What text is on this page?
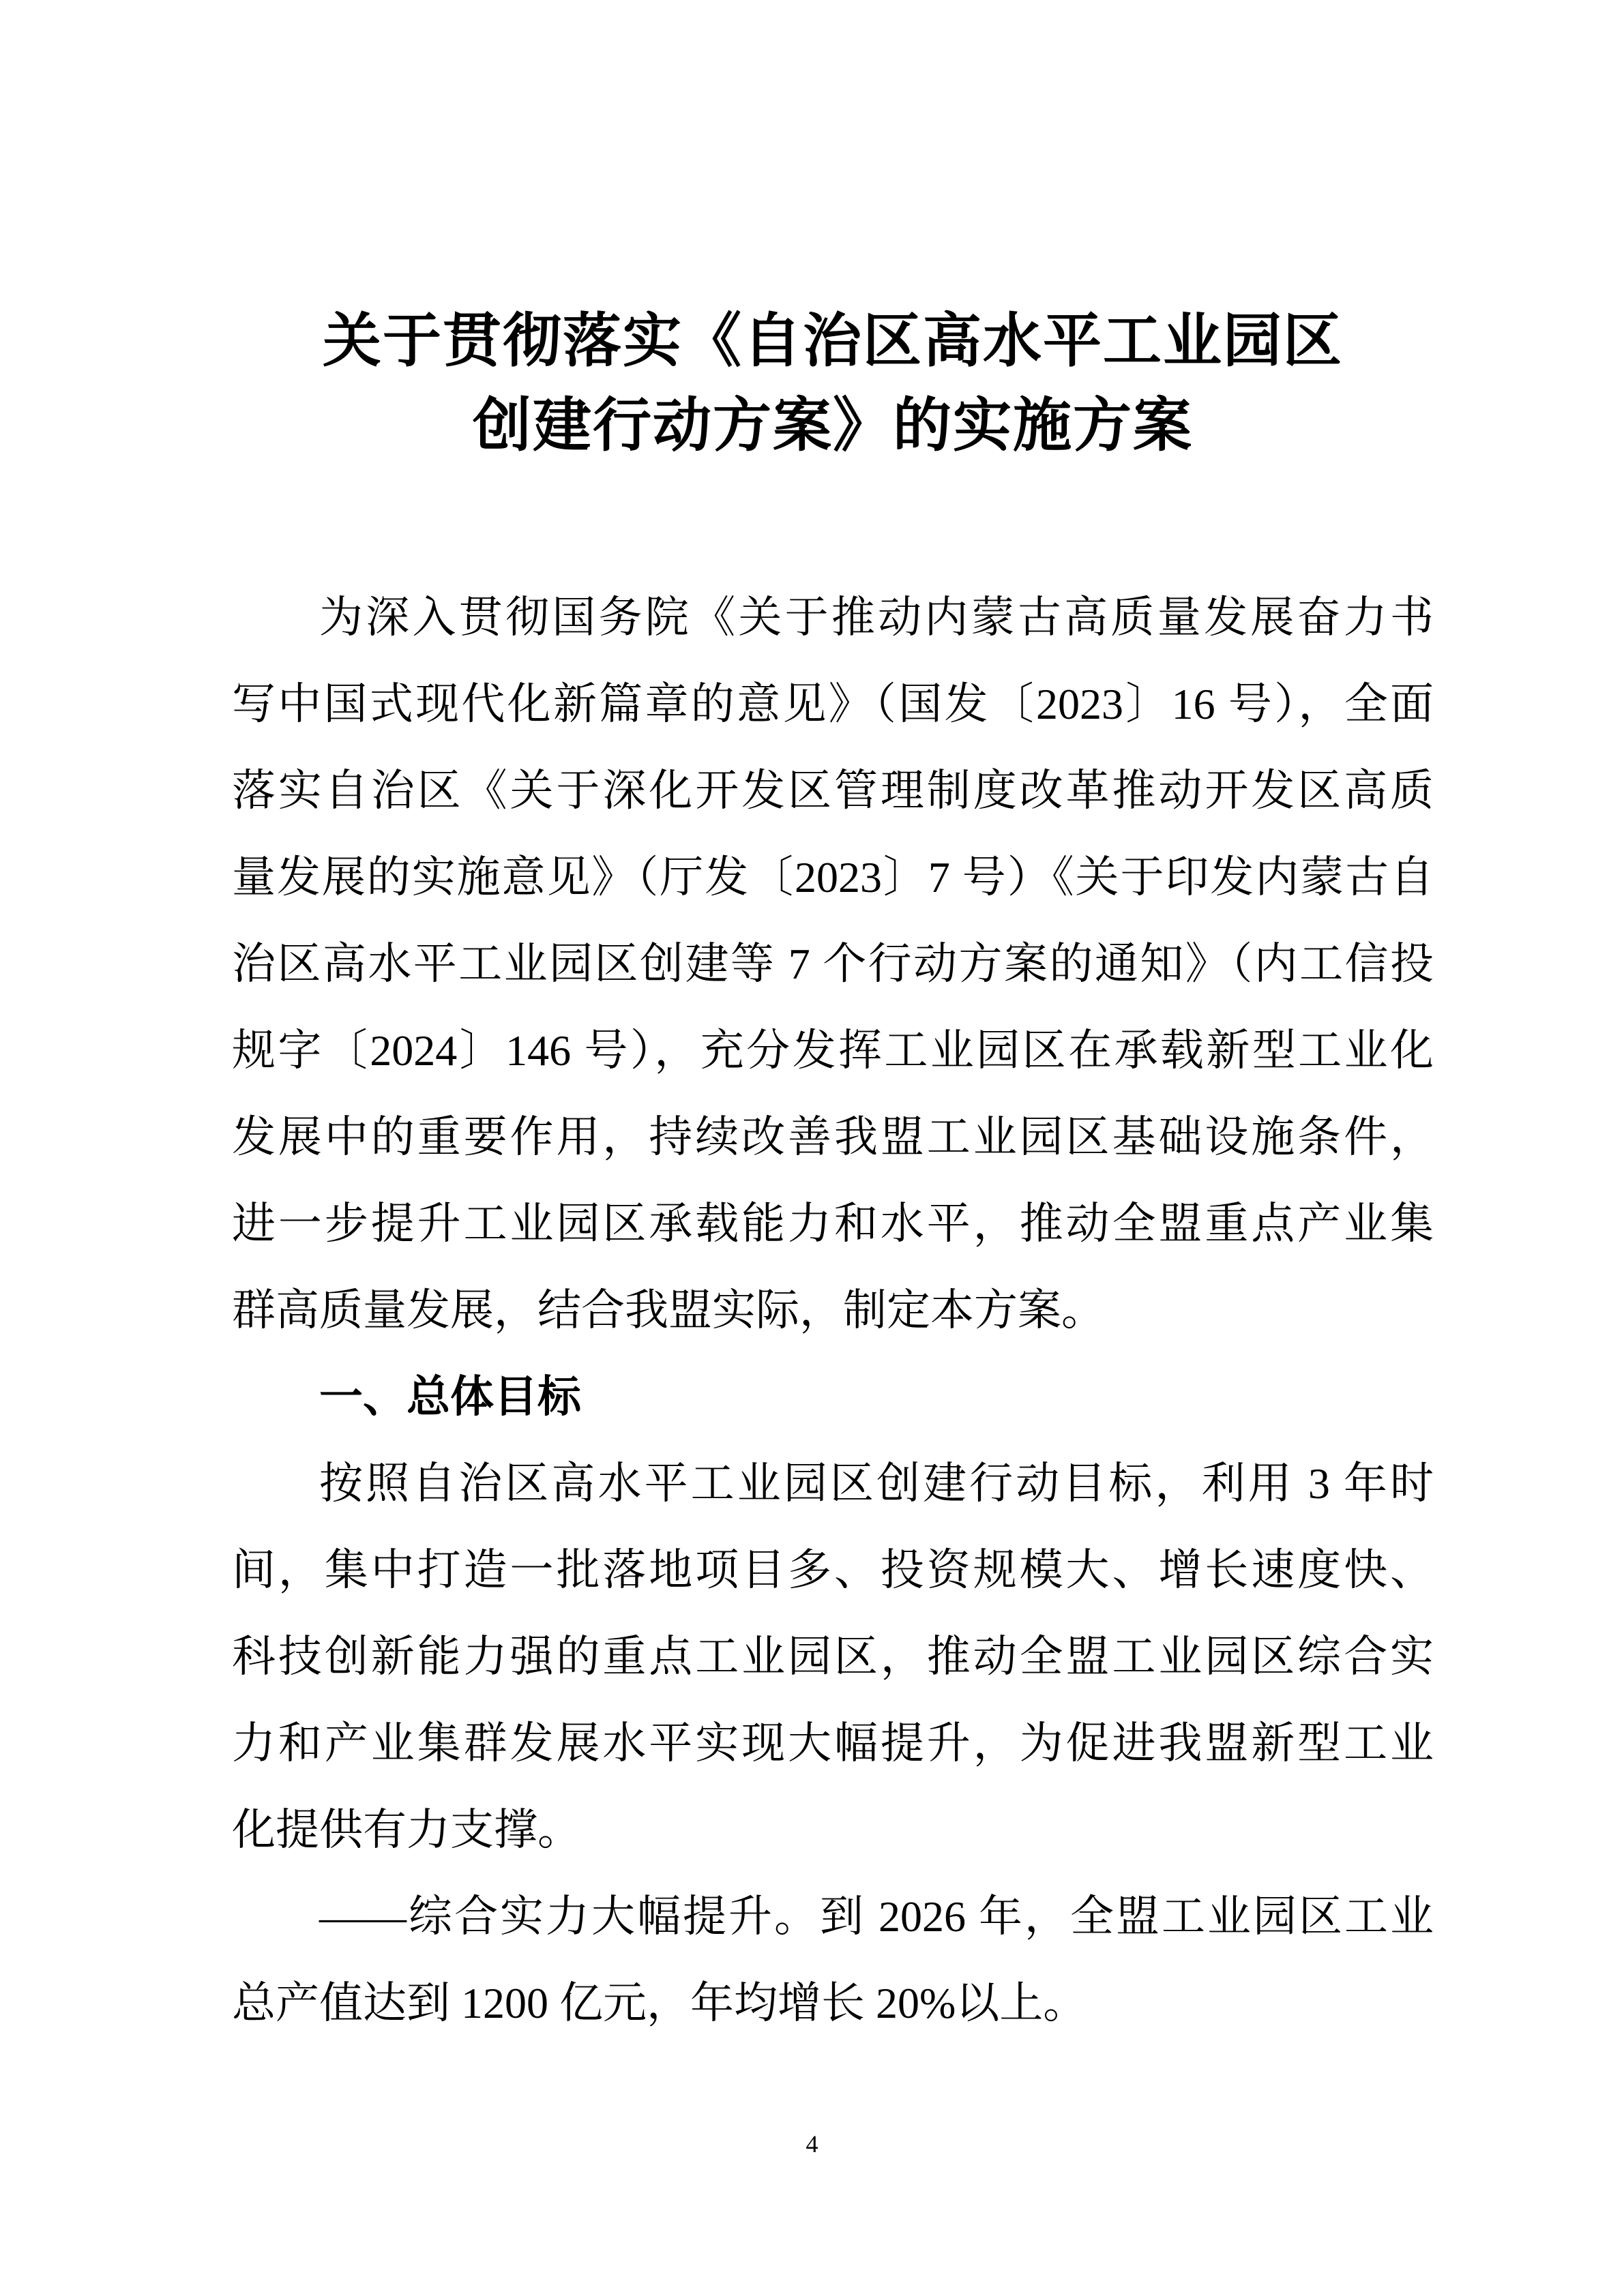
关于贯彻落实《自治区高水平工业园区
创建行动方案》的实施方案

为深入贯彻国务院《关于推动内蒙古高质量发展奋力书
写中国式现代化新篇章的意见》（国发〔2023〕16 号），全面
落实自治区《关于深化开发区管理制度改革推动开发区高质
量发展的实施意见》（厅发〔2023〕7 号）《关于印发内蒙古自
治区高水平工业园区创建等 7 个行动方案的通知》（内工信投
规字〔2024〕146 号），充分发挥工业园区在承载新型工业化
发展中的重要作用，持续改善我盟工业园区基础设施条件，
进一步提升工业园区承载能力和水平，推动全盟重点产业集
群高质量发展，结合我盟实际，制定本方案。

一、总体目标

按照自治区高水平工业园区创建行动目标，利用 3 年时
间，集中打造一批落地项目多、投资规模大、增长速度快、
科技创新能力强的重点工业园区，推动全盟工业园区综合实
力和产业集群发展水平实现大幅提升，为促进我盟新型工业
化提供有力支撑。

——综合实力大幅提升。到 2026 年，全盟工业园区工业
总产值达到 1200 亿元，年均增长 20%以上。

4
